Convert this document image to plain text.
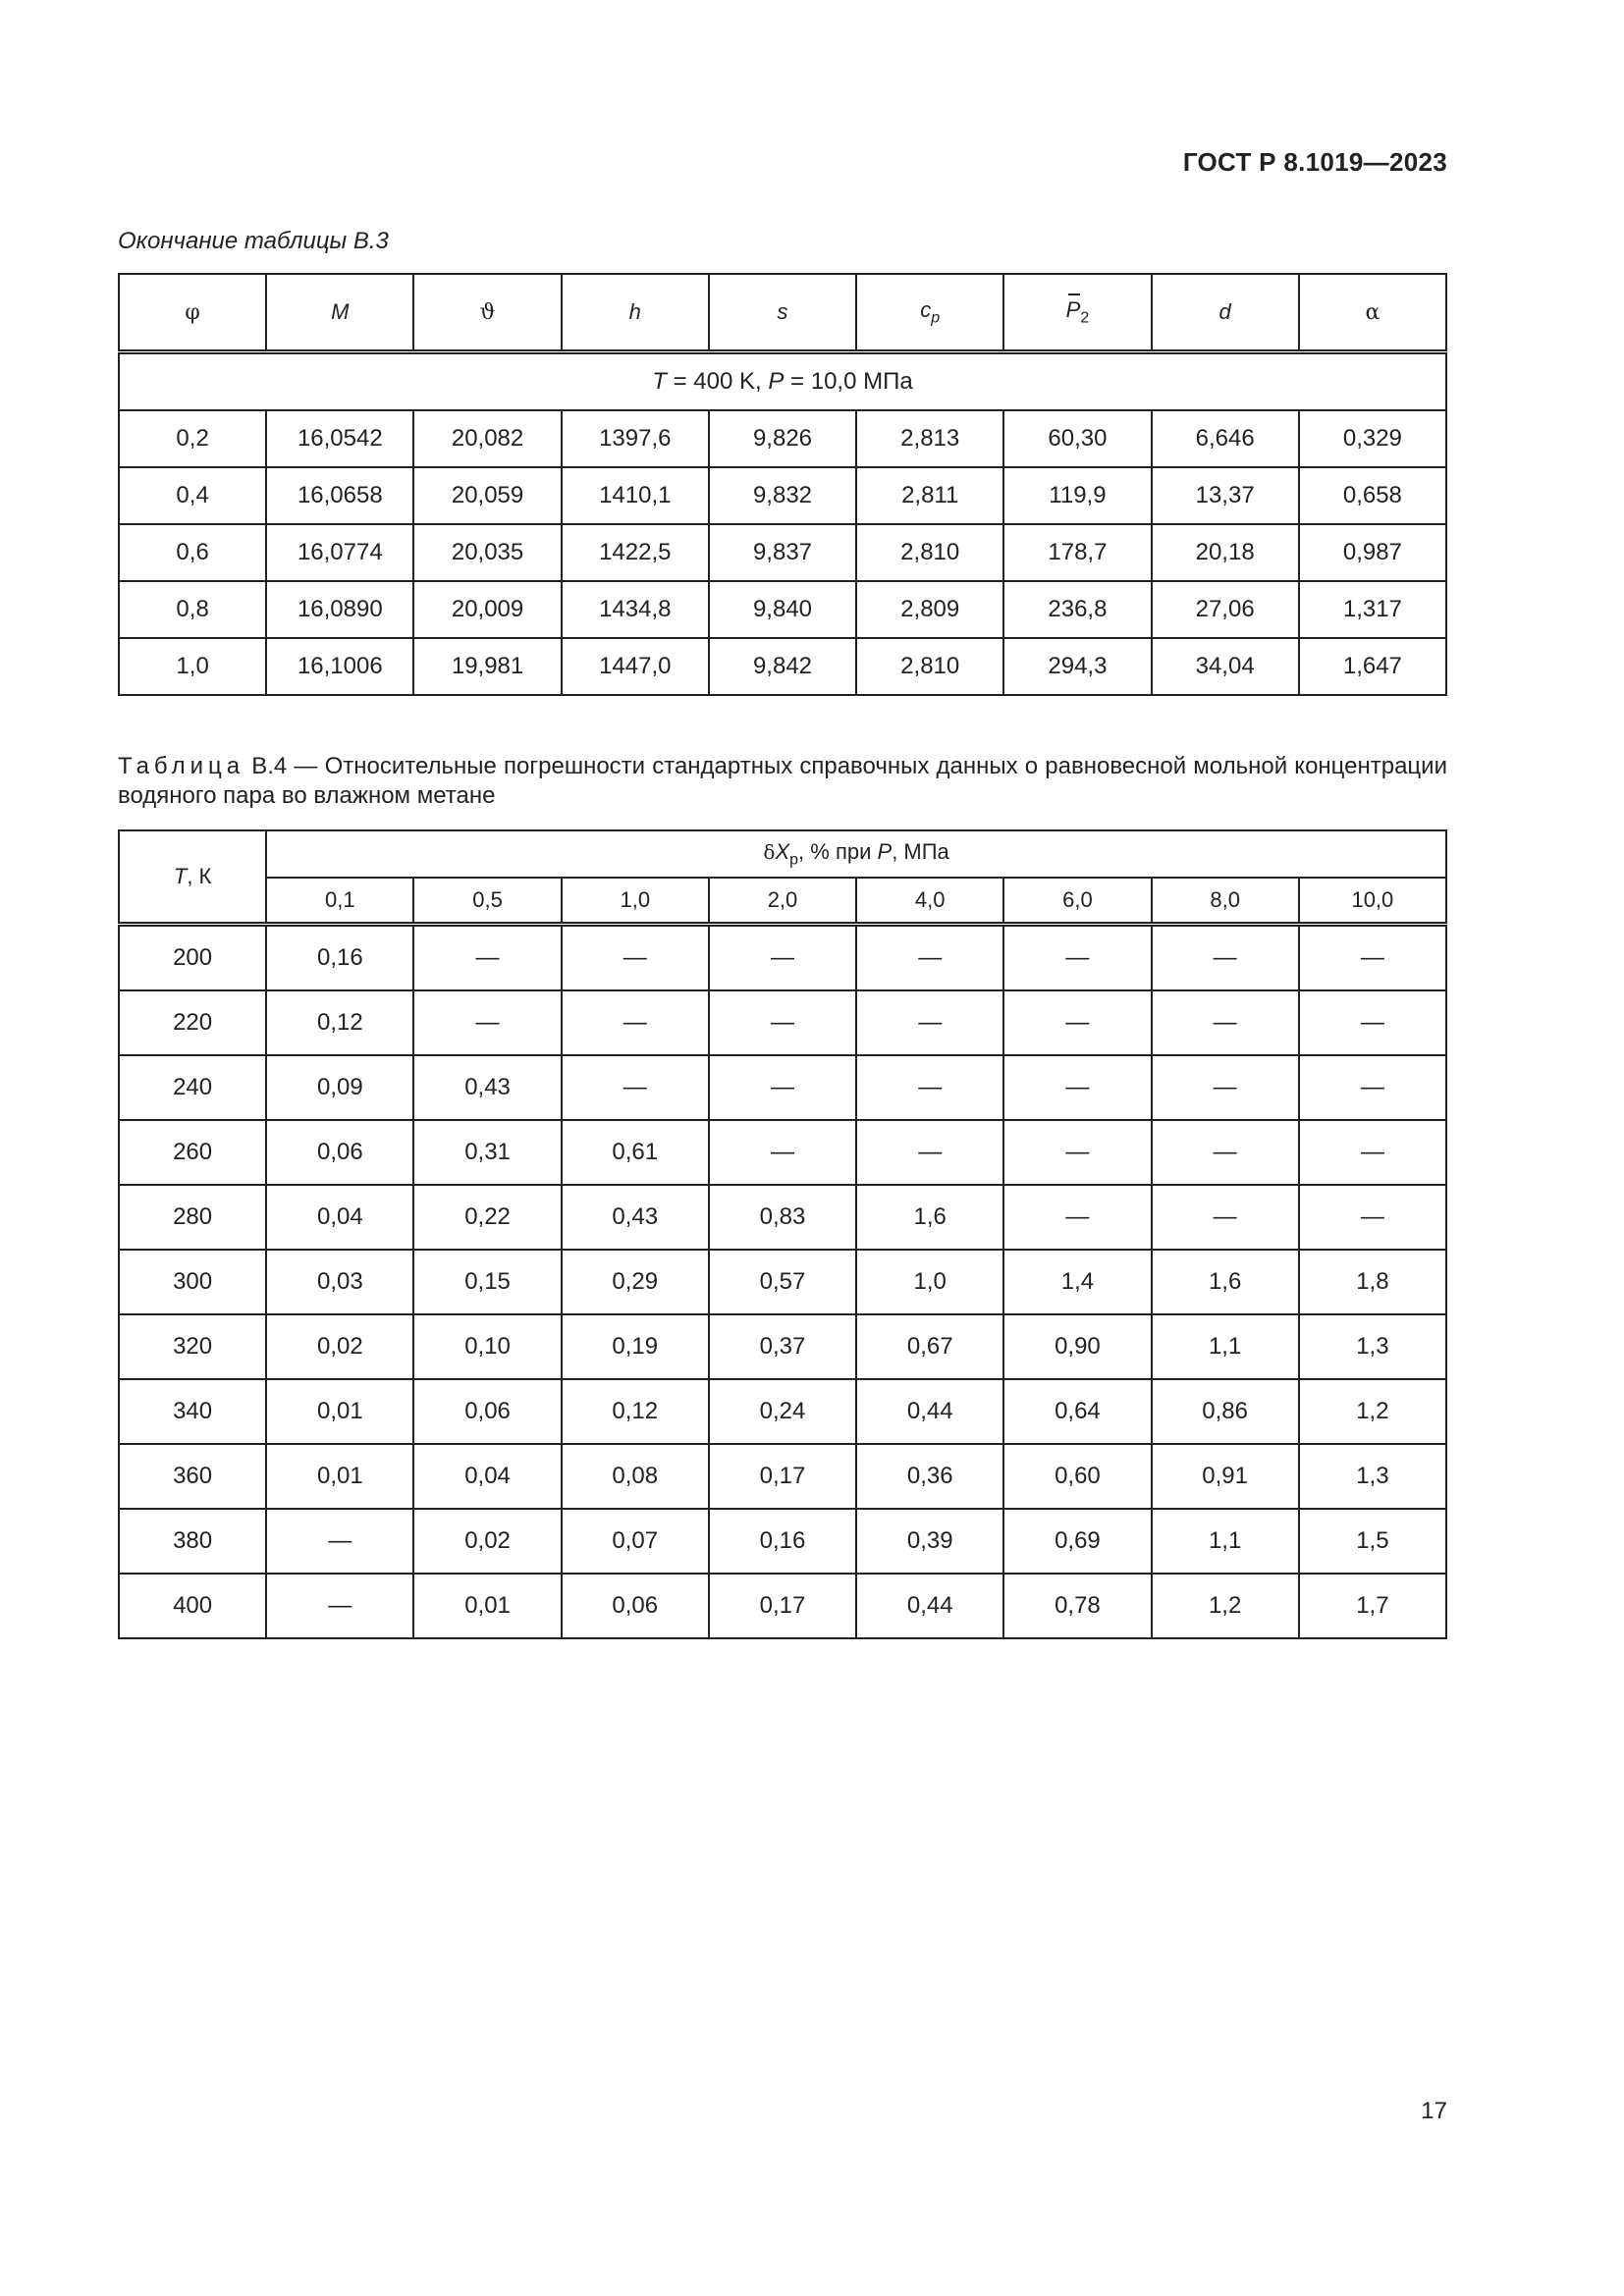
ГОСТ Р 8.1019—2023
Окончание таблицы В.3
φ	M	ϑ	h	s	$c_p$	$P_2$	d	α
T = 400 K, P = 10,0 МПа								
0,2	16,0542	20,082	1397,6	9,826	2,813	60,30	6,646	0,329
0,4	16,0658	20,059	1410,1	9,832	2,811	119,9	13,37	0,658
0,6	16,0774	20,035	1422,5	9,837	2,810	178,7	20,18	0,987
0,8	16,0890	20,009	1434,8	9,840	2,809	236,8	27,06	1,317
1,0	16,1006	19,981	1447,0	9,842	2,810	294,3	34,04	1,647
Таблица В.4 — Относительные погрешности стандартных справочных данных о равновесной мольной концентрации водяного пара во влажном метане
T, К	$\delta X_p$, % при P, МПа							
	0,1	0,5	1,0	2,0	4,0	6,0	8,0	10,0
200	0,16	—	—	—	—	—	—	—
220	0,12	—	—	—	—	—	—	—
240	0,09	0,43	—	—	—	—	—	—
260	0,06	0,31	0,61	—	—	—	—	—
280	0,04	0,22	0,43	0,83	1,6	—	—	—
300	0,03	0,15	0,29	0,57	1,0	1,4	1,6	1,8
320	0,02	0,10	0,19	0,37	0,67	0,90	1,1	1,3
340	0,01	0,06	0,12	0,24	0,44	0,64	0,86	1,2
360	0,01	0,04	0,08	0,17	0,36	0,60	0,91	1,3
380	—	0,02	0,07	0,16	0,39	0,69	1,1	1,5
400	—	0,01	0,06	0,17	0,44	0,78	1,2	1,7
17
